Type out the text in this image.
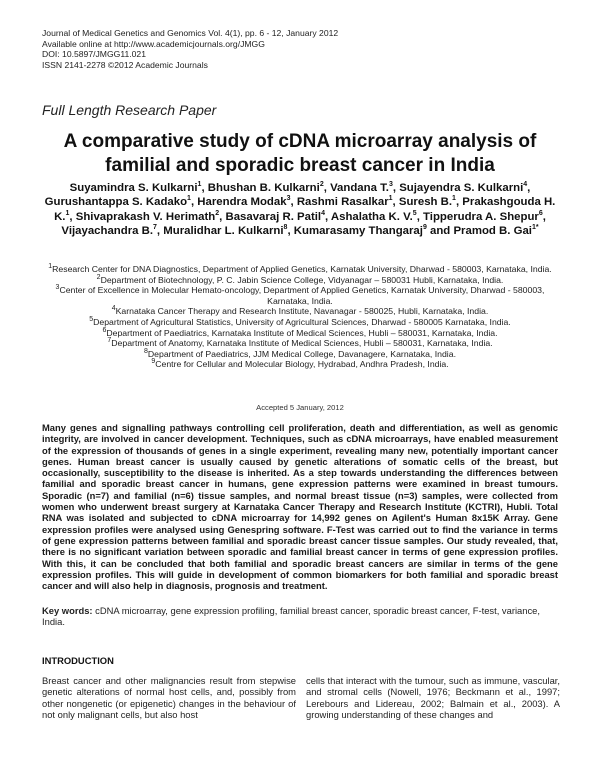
Journal of Medical Genetics and Genomics Vol. 4(1), pp. 6 - 12, January 2012
Available online at http://www.academicjournals.org/JMGG
DOI: 10.5897/JMGG11.021
ISSN 2141-2278 ©2012 Academic Journals
Full Length Research Paper
A comparative study of cDNA microarray analysis of
familial and sporadic breast cancer in India
Suyamindra S. Kulkarni$^1$, Bhushan B. Kulkarni$^2$, Vandana T.$^3$, Sujayendra S. Kulkarni$^4$, Gurushantappa S. Kadako$^1$, Harendra Modak$^3$, Rashmi Rasalkar$^1$, Suresh B.$^1$, Prakashgouda H. K.$^1$, Shivaprakash V. Herimath$^2$, Basavaraj R. Patil$^4$, Ashalatha K. V.$^5$, Tipperudra A. Shepur$^6$, Vijayachandra B.$^7$, Muralidhar L. Kulkarni$^8$, Kumarasamy Thangaraj$^9$ and Pramod B. Gai$^{1*}$
$^1$Research Center for DNA Diagnostics, Department of Applied Genetics, Karnatak University, Dharwad - 580003, Karnataka, India.
$^2$Department of Biotechnology, P. C. Jabin Science College, Vidyanagar – 580031 Hubli, Karnataka, India.
$^3$Center of Excellence in Molecular Hemato-oncology, Department of Applied Genetics, Karnatak University, Dharwad - 580003, Karnataka, India.
$^4$Karnataka Cancer Therapy and Research Institute, Navanagar - 580025, Hubli, Karnataka, India.
$^5$Department of Agricultural Statistics, University of Agricultural Sciences, Dharwad - 580005 Karnataka, India.
$^6$Department of Paediatrics, Karnataka Institute of Medical Sciences, Hubli – 580031, Karnataka, India.
$^7$Department of Anatomy, Karnataka Institute of Medical Sciences, Hubli – 580031, Karnataka, India.
$^8$Department of Paediatrics, JJM Medical College, Davanagere, Karnataka, India.
$^9$Centre for Cellular and Molecular Biology, Hydrabad, Andhra Pradesh, India.
Accepted 5 January, 2012
Many genes and signalling pathways controlling cell proliferation, death and differentiation, as well as genomic integrity, are involved in cancer development. Techniques, such as cDNA microarrays, have enabled measurement of the expression of thousands of genes in a single experiment, revealing many new, potentially important cancer genes. Human breast cancer is usually caused by genetic alterations of somatic cells of the breast, but occasionally, susceptibility to the disease is inherited. As a step towards understanding the differences between familial and sporadic breast cancer in humans, gene expression patterns were examined in breast tumours. Sporadic (n=7) and familial (n=6) tissue samples, and normal breast tissue (n=3) samples, were collected from women who underwent breast surgery at Karnataka Cancer Therapy and Research Institute (KCTRI), Hubli. Total RNA was isolated and subjected to cDNA microarray for 14,992 genes on Agilent's Human 8x15K Array. Gene expression profiles were analysed using Genespring software. F-Test was carried out to find the variance in terms of gene expression patterns between familial and sporadic breast cancer tissue samples. Our study revealed, that, there is no significant variation between sporadic and familial breast cancer in terms of gene expression profiles. With this, it can be concluded that both familial and sporadic breast cancers are similar in terms of the gene expression profiles. This will guide in development of common biomarkers for both familial and sporadic breast cancer and will also help in diagnosis, prognosis and treatment.
Key words: cDNA microarray, gene expression profiling, familial breast cancer, sporadic breast cancer, F-test, variance, India.
INTRODUCTION
Breast cancer and other malignancies result from stepwise genetic alterations of normal host cells, and, possibly from other nongenetic (or epigenetic) changes in the behaviour of not only malignant cells, but also host
cells that interact with the tumour, such as immune, vascular, and stromal cells (Nowell, 1976; Beckmann et al., 1997; Lerebours and Lidereau, 2002; Balmain et al., 2003). A growing understanding of these changes and
